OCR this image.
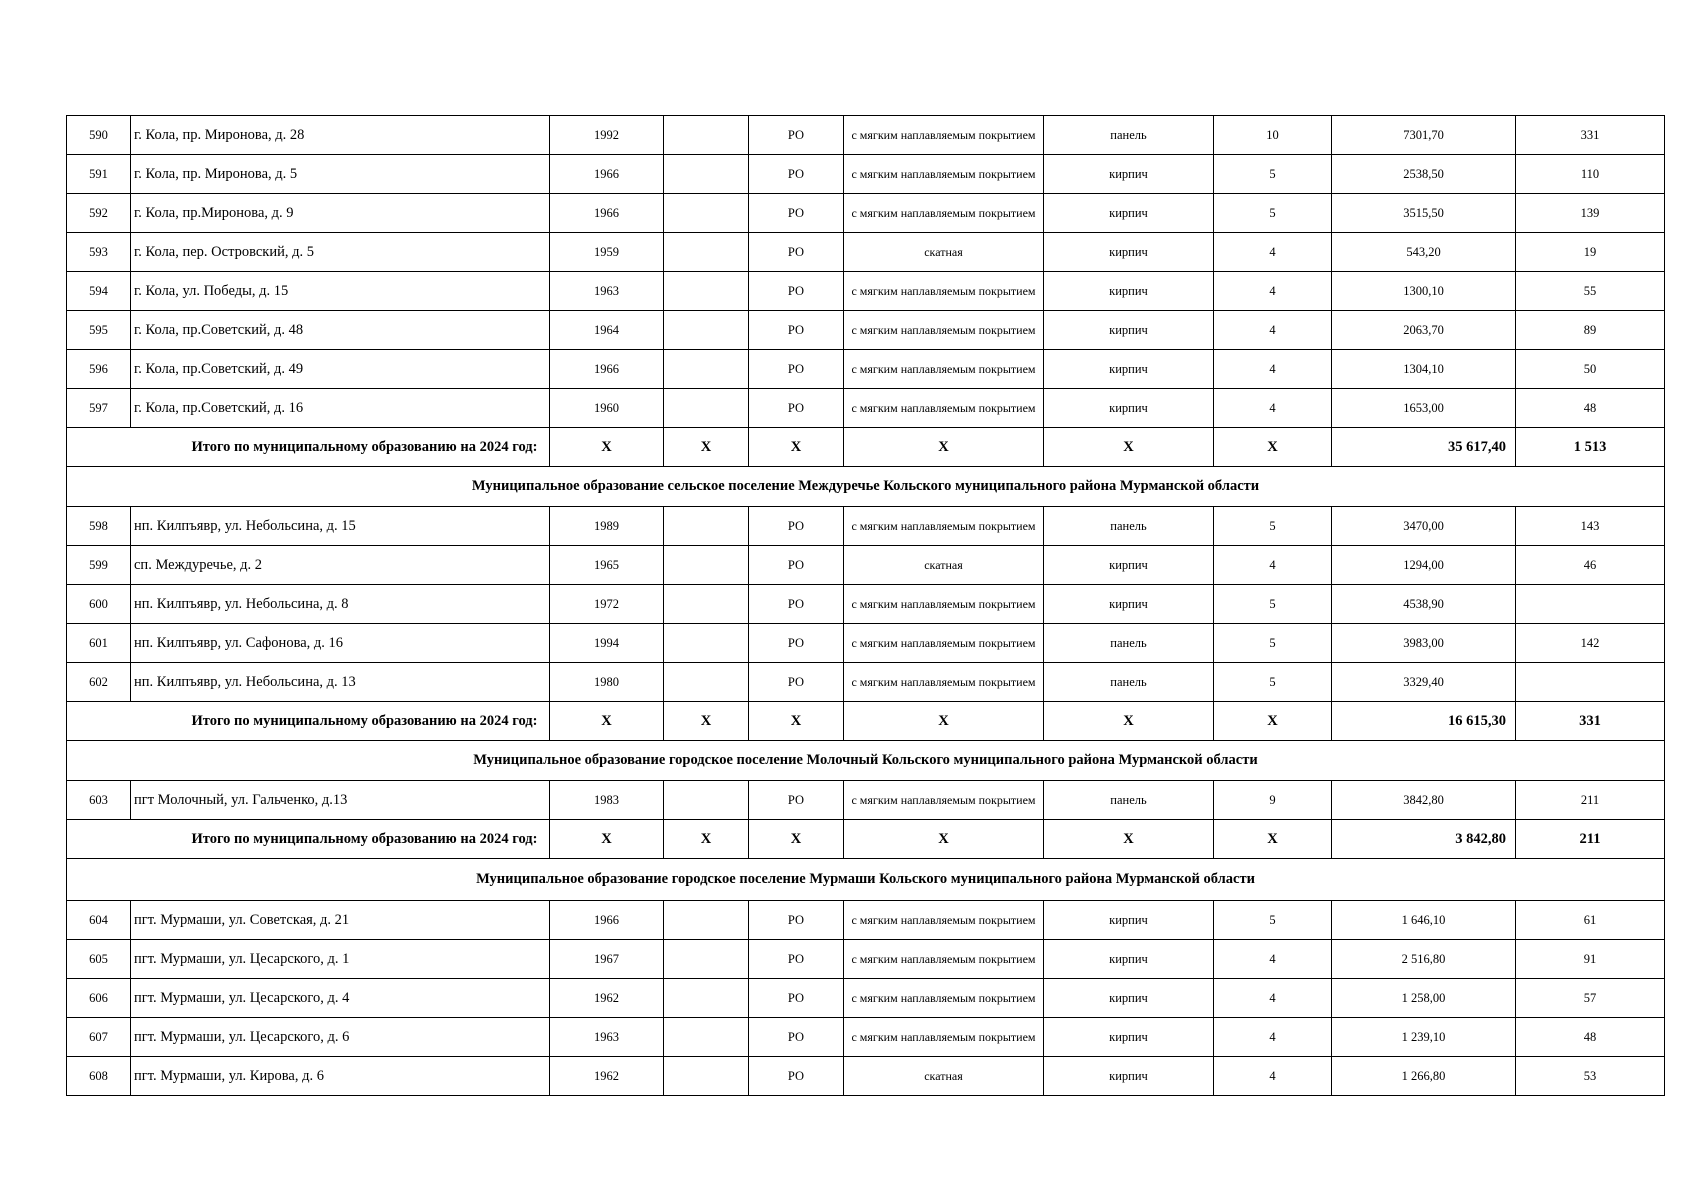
590	г. Кола, пр. Миронова, д. 28	1992		РО	с мягким наплавляемым покрытием	панель	10	7301,70	331
591	г. Кола, пр. Миронова, д. 5	1966		РО	с мягким наплавляемым покрытием	кирпич	5	2538,50	110
592	г. Кола, пр.Миронова, д. 9	1966		РО	с мягким наплавляемым покрытием	кирпич	5	3515,50	139
593	г. Кола, пер. Островский, д. 5	1959		РО	скатная	кирпич	4	543,20	19
594	г. Кола, ул. Победы, д. 15	1963		РО	с мягким наплавляемым покрытием	кирпич	4	1300,10	55
595	г. Кола, пр.Советский, д. 48	1964		РО	с мягким наплавляемым покрытием	кирпич	4	2063,70	89
596	г. Кола, пр.Советский, д. 49	1966		РО	с мягким наплавляемым покрытием	кирпич	4	1304,10	50
597	г. Кола, пр.Советский, д. 16	1960		РО	с мягким наплавляемым покрытием	кирпич	4	1653,00	48
	Итого по муниципальному образованию на 2024 год:	X	X	X	X	X	X	35 617,40	1 513
Муниципальное образование сельское поселение Междуречье Кольского муниципального района Мурманской области									
598	нп. Килпъявр, ул. Небольсина, д. 15	1989		РО	с мягким наплавляемым покрытием	панель	5	3470,00	143
599	сп. Междуречье, д. 2	1965		РО	скатная	кирпич	4	1294,00	46
600	нп. Килпъявр, ул. Небольсина, д. 8	1972		РО	с мягким наплавляемым покрытием	кирпич	5	4538,90	
601	нп. Килпъявр, ул. Сафонова, д. 16	1994		РО	с мягким наплавляемым покрытием	панель	5	3983,00	142
602	нп. Килпъявр, ул. Небольсина, д. 13	1980		РО	с мягким наплавляемым покрытием	панель	5	3329,40	
	Итого по муниципальному образованию на 2024 год:	X	X	X	X	X	X	16 615,30	331
Муниципальное образование городское поселение Молочный Кольского муниципального района Мурманской области									
603	пгт Молочный, ул. Гальченко, д.13	1983		РО	с мягким наплавляемым покрытием	панель	9	3842,80	211
	Итого по муниципальному образованию на 2024 год:	X	X	X	X	X	X	3 842,80	211
Муниципальное образование городское поселение Мурмаши Кольского муниципального района Мурманской области									
604	пгт. Мурмаши, ул. Советская, д. 21	1966		РО	с мягким наплавляемым покрытием	кирпич	5	1 646,10	61
605	пгт. Мурмаши, ул. Цесарского, д. 1	1967		РО	с мягким наплавляемым покрытием	кирпич	4	2 516,80	91
606	пгт. Мурмаши, ул. Цесарского, д. 4	1962		РО	с мягким наплавляемым покрытием	кирпич	4	1 258,00	57
607	пгт. Мурмаши, ул. Цесарского, д. 6	1963		РО	с мягким наплавляемым покрытием	кирпич	4	1 239,10	48
608	пгт. Мурмаши, ул. Кирова, д. 6	1962		РО	скатная	кирпич	4	1 266,80	53
